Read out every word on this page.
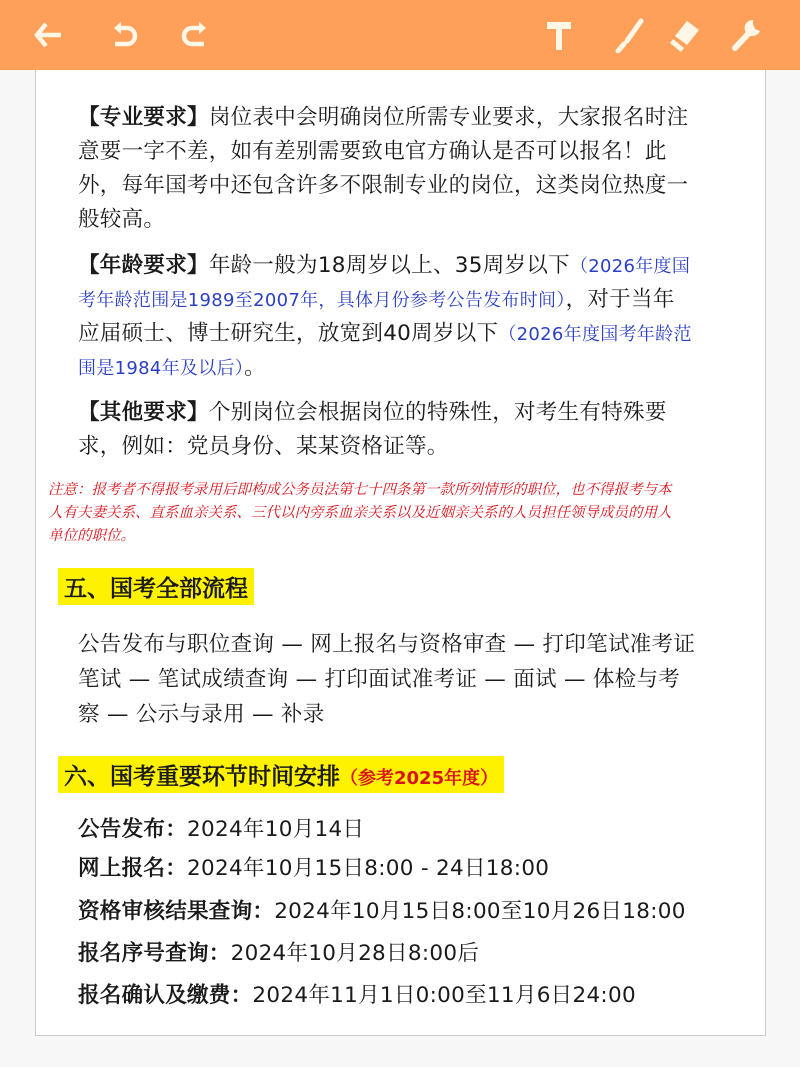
【专业要求】岗位表中会明确岗位所需专业要求，大家报名时注
意要一字不差，如有差别需要致电官方确认是否可以报名！此
外，每年国考中还包含许多不限制专业的岗位，这类岗位热度一
般较高。
【年龄要求】年龄一般为18周岁以上、35周岁以下（2026年度国
考年龄范围是1989至2007年，具体月份参考公告发布时间），对于当年
应届硕士、博士研究生，放宽到40周岁以下（2026年度国考年龄范
围是1984年及以后）。
【其他要求】个别岗位会根据岗位的特殊性，对考生有特殊要
求，例如：党员身份、某某资格证等。
注意：报考者不得报考录用后即构成公务员法第七十四条第一款所列情形的职位，也不得报考与本
人有夫妻关系、直系血亲关系、三代以内旁系血亲关系以及近姻亲关系的人员担任领导成员的用人
单位的职位。
五、国考全部流程
公告发布与职位查询 — 网上报名与资格审查 — 打印笔试准考证
笔试 — 笔试成绩查询 — 打印面试准考证 — 面试 — 体检与考
察 — 公示与录用 — 补录
六、国考重要环节时间安排（参考2025年度）
公告发布：2024年10月14日
网上报名：2024年10月15日8:00 - 24日18:00
资格审核结果查询：2024年10月15日8:00至10月26日18:00
报名序号查询：2024年10月28日8:00后
报名确认及缴费：2024年11月1日0:00至11月6日24:00
